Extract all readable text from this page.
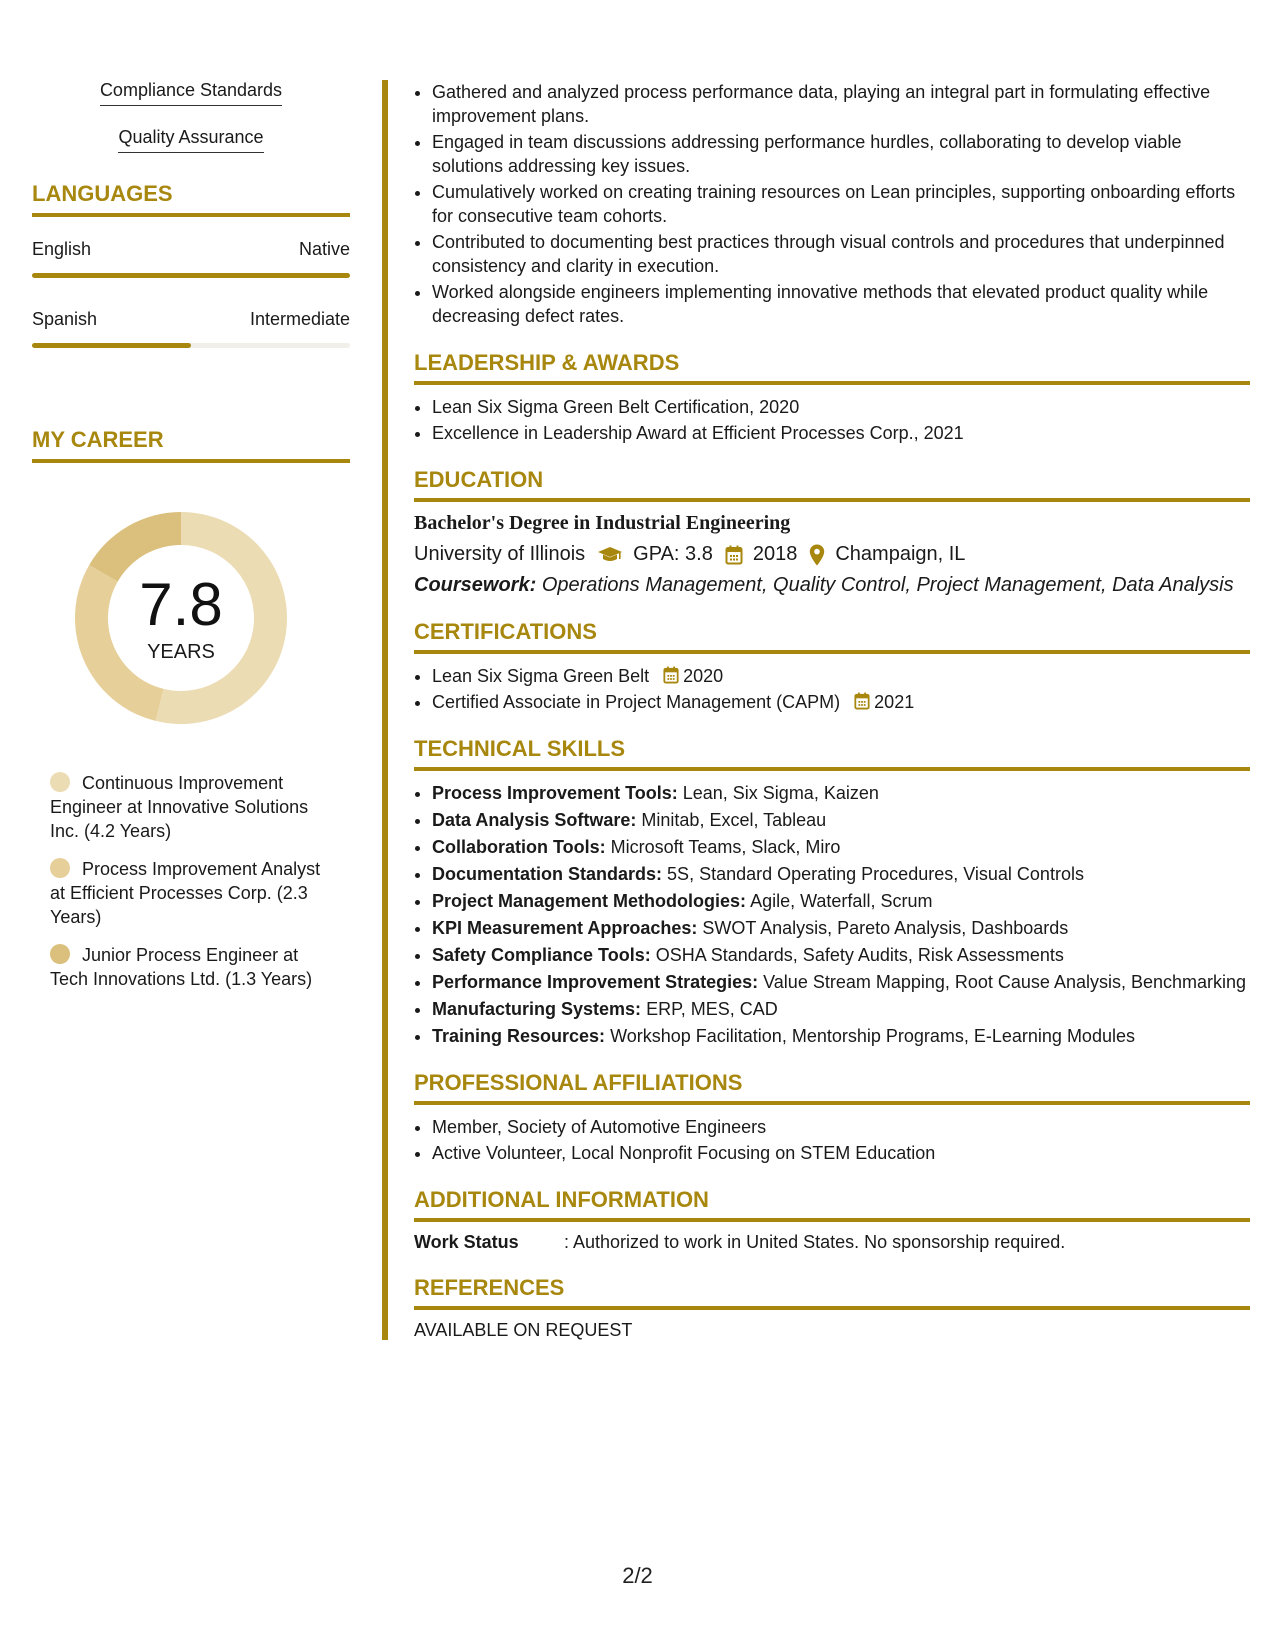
Compliance Standards
Quality Assurance
LANGUAGES
English	Native
Spanish	Intermediate
MY CAREER
7.8
YEARS
Continuous Improvement Engineer at Innovative Solutions Inc. (4.2 Years)
Process Improvement Analyst at Efficient Processes Corp. (2.3 Years)
Junior Process Engineer at Tech Innovations Ltd. (1.3 Years)
• Gathered and analyzed process performance data, playing an integral part in formulating effective improvement plans.
• Engaged in team discussions addressing performance hurdles, collaborating to develop viable solutions addressing key issues.
• Cumulatively worked on creating training resources on Lean principles, supporting onboarding efforts for consecutive team cohorts.
• Contributed to documenting best practices through visual controls and procedures that underpinned consistency and clarity in execution.
• Worked alongside engineers implementing innovative methods that elevated product quality while decreasing defect rates.
LEADERSHIP & AWARDS
• Lean Six Sigma Green Belt Certification, 2020
• Excellence in Leadership Award at Efficient Processes Corp., 2021
EDUCATION
Bachelor's Degree in Industrial Engineering
University of Illinois GPA: 3.8 2018 Champaign, IL
Coursework: Operations Management, Quality Control, Project Management, Data Analysis
CERTIFICATIONS
• Lean Six Sigma Green Belt 2020
• Certified Associate in Project Management (CAPM) 2021
TECHNICAL SKILLS
• Process Improvement Tools: Lean, Six Sigma, Kaizen
• Data Analysis Software: Minitab, Excel, Tableau
• Collaboration Tools: Microsoft Teams, Slack, Miro
• Documentation Standards: 5S, Standard Operating Procedures, Visual Controls
• Project Management Methodologies: Agile, Waterfall, Scrum
• KPI Measurement Approaches: SWOT Analysis, Pareto Analysis, Dashboards
• Safety Compliance Tools: OSHA Standards, Safety Audits, Risk Assessments
• Performance Improvement Strategies: Value Stream Mapping, Root Cause Analysis, Benchmarking
• Manufacturing Systems: ERP, MES, CAD
• Training Resources: Workshop Facilitation, Mentorship Programs, E-Learning Modules
PROFESSIONAL AFFILIATIONS
• Member, Society of Automotive Engineers
• Active Volunteer, Local Nonprofit Focusing on STEM Education
ADDITIONAL INFORMATION
Work Status	: Authorized to work in United States. No sponsorship required.
REFERENCES
AVAILABLE ON REQUEST
2/2
